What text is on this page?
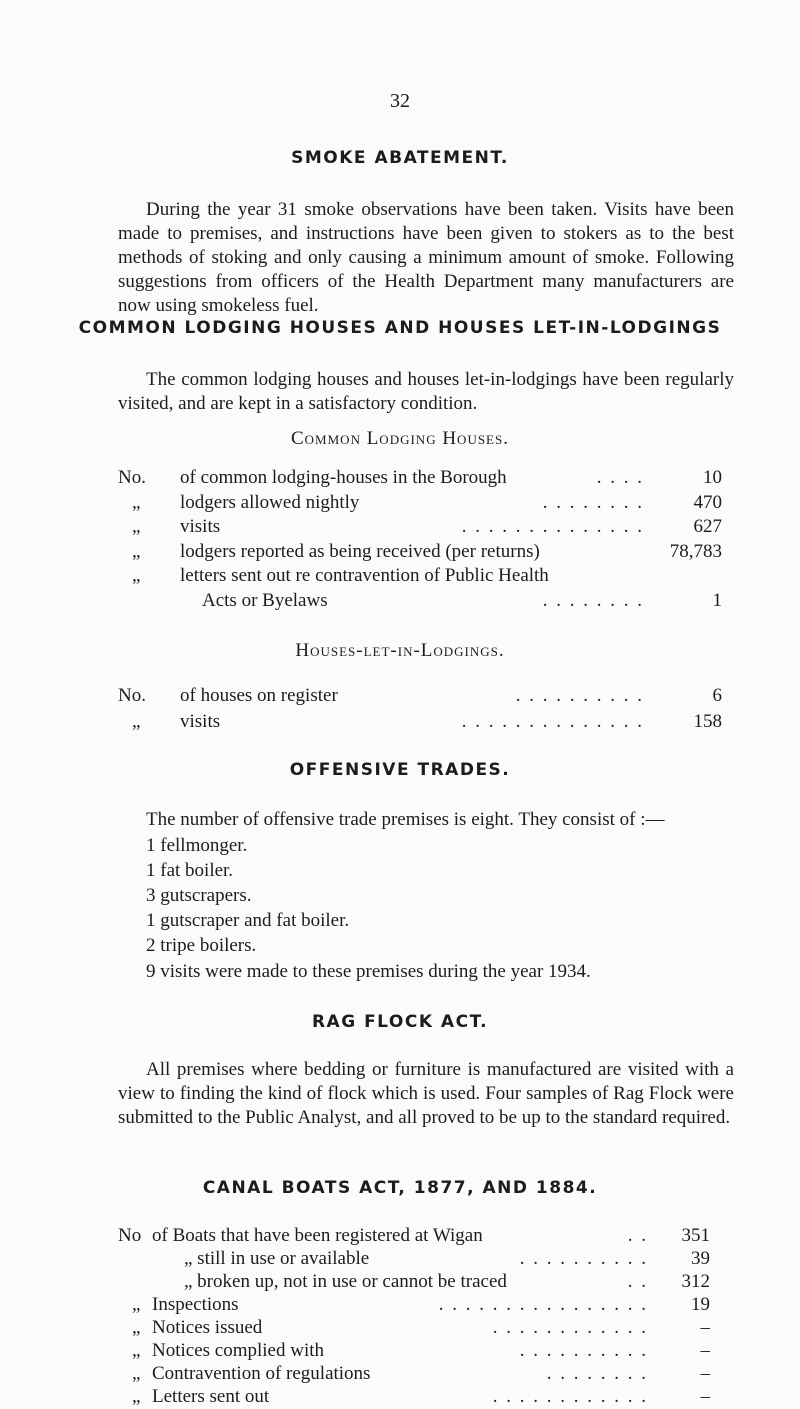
32
SMOKE ABATEMENT.

During the year 31 smoke observations have been taken. Visits have been made to premises, and instructions have been given to stokers as to the best methods of stoking and only causing a minimum amount of smoke. Following suggestions from officers of the Health Department many manufacturers are now using smokeless fuel.

COMMON LODGING HOUSES AND HOUSES LET-IN-LODGINGS

The common lodging houses and houses let-in-lodgings have been regularly visited, and are kept in a satisfactory condition.

Common Lodging Houses.
No. of common lodging-houses in the Borough	. . . .	10
„ lodgers allowed nightly	. . . . . . . .	470
„ visits	. . . . . . . . . . . . . .	627
„ lodgers reported as being received (per returns)	78,783
„ letters sent out re contravention of Public Health
Acts or Byelaws	. . . . . . . .	1
Houses-let-in-Lodgings.
No. of houses on register	. . . . . . . . . .	6
„ visits	. . . . . . . . . . . . . .	158
OFFENSIVE TRADES.
The number of offensive trade premises is eight. They consist of :—
1 fellmonger.
1 fat boiler.
3 gutscrapers.
1 gutscraper and fat boiler.
2 tripe boilers.
9 visits were made to these premises during the year 1934.
RAG FLOCK ACT.

All premises where bedding or furniture is manufactured are visited with a view to finding the kind of flock which is used. Four samples of Rag Flock were submitted to the Public Analyst, and all proved to be up to the standard required.

CANAL BOATS ACT, 1877, AND 1884.
No of Boats that have been registered at Wigan	. .	351
„ still in use or available	. . . . . . . . . .	39
„ broken up, not in use or cannot be traced	. .	312
„ Inspections	. . . . . . . . . . . . . . . .	19
„ Notices issued	. . . . . . . . . . . .	–
„ Notices complied with	. . . . . . . . . .	–
„ Contravention of regulations	. . . . . . . .	–
„ Letters sent out	. . . . . . . . . . . .	–
